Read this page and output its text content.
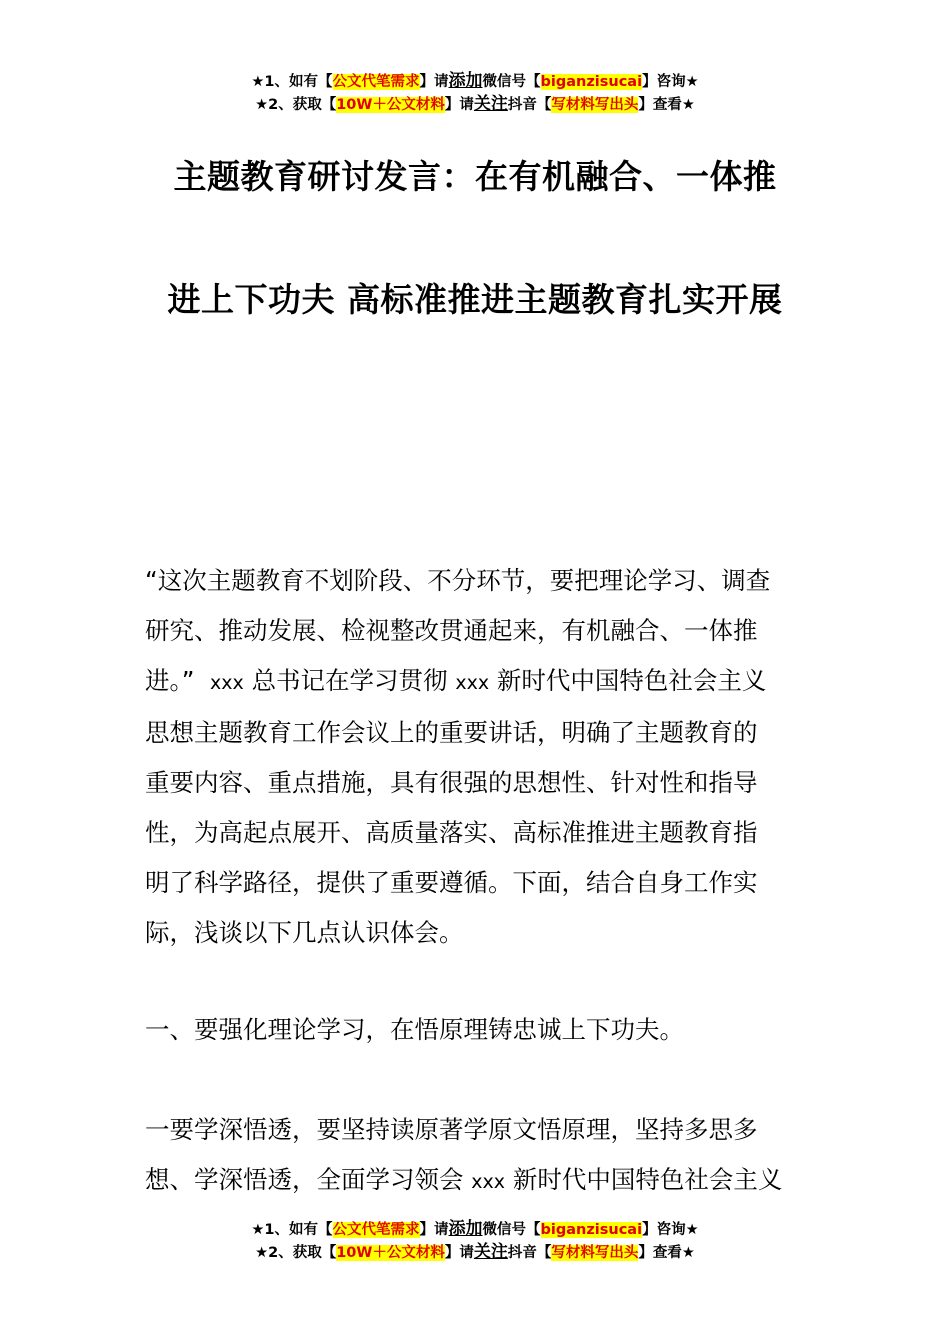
★1、如有【公文代笔需求】请添加微信号【biganzisucai】咨询★
★2、获取【10W＋公文材料】请关注抖音【写材料写出头】查看★
主题教育研讨发言：在有机融合、一体推
进上下功夫 高标准推进主题教育扎实开展
“这次主题教育不划阶段、不分环节，要把理论学习、调查
研究、推动发展、检视整改贯通起来，有机融合、一体推
进。” xxx 总书记在学习贯彻 xxx 新时代中国特色社会主义
思想主题教育工作会议上的重要讲话，明确了主题教育的
重要内容、重点措施，具有很强的思想性、针对性和指导
性，为高起点展开、高质量落实、高标准推进主题教育指
明了科学路径，提供了重要遵循。下面，结合自身工作实
际，浅谈以下几点认识体会。
一、要强化理论学习，在悟原理铸忠诚上下功夫。
一要学深悟透，要坚持读原著学原文悟原理，坚持多思多
想、学深悟透，全面学习领会 xxx 新时代中国特色社会主义
★1、如有【公文代笔需求】请添加微信号【biganzisucai】咨询★
★2、获取【10W＋公文材料】请关注抖音【写材料写出头】查看★
